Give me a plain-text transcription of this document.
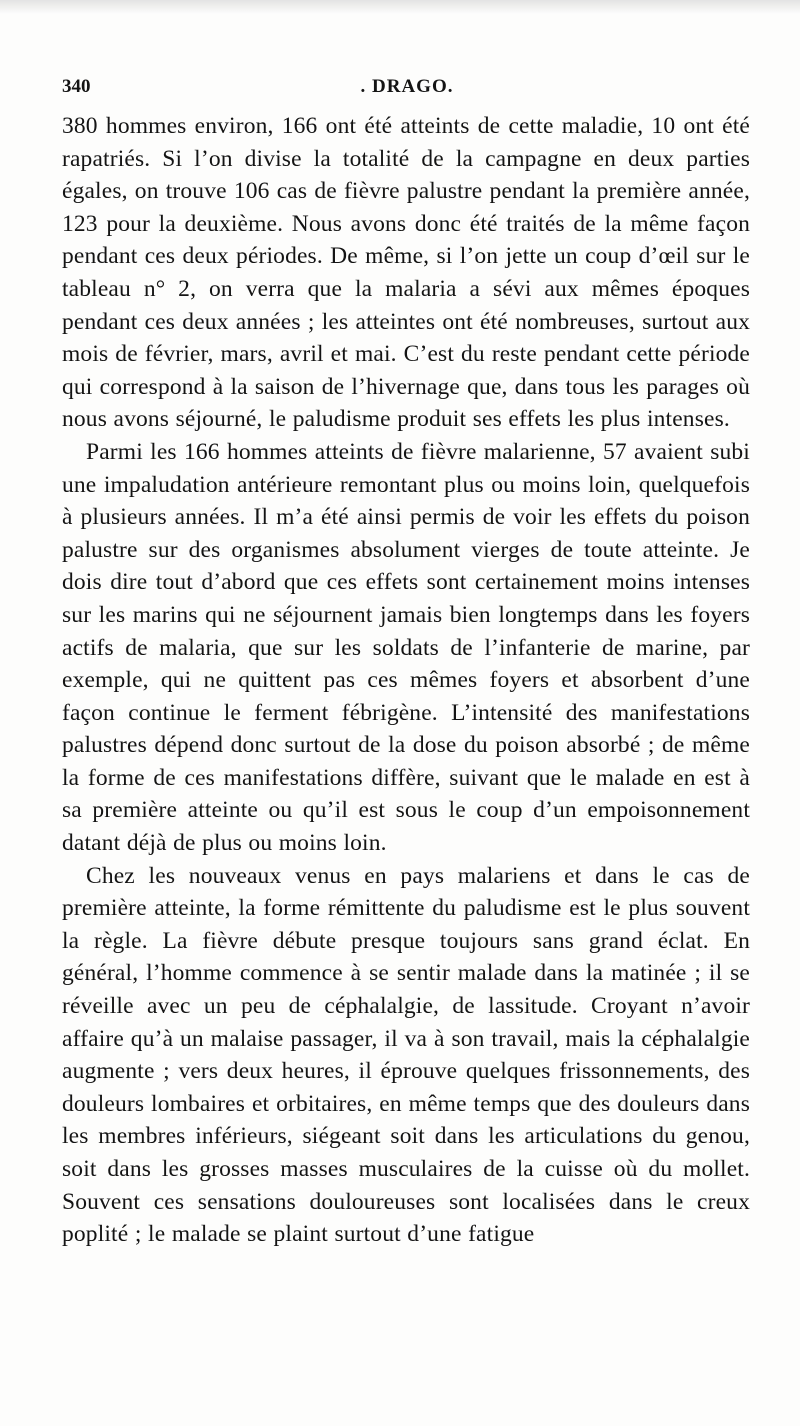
340	. DRAGO.

380 hommes environ, 166 ont été atteints de cette maladie, 10 ont été rapatriés. Si l’on divise la totalité de la campagne en deux parties égales, on trouve 106 cas de fièvre palustre pendant la première année, 123 pour la deuxième. Nous avons donc été traités de la même façon pendant ces deux périodes. De même, si l’on jette un coup d’œil sur le tableau n° 2, on verra que la malaria a sévi aux mêmes époques pendant ces deux années ; les atteintes ont été nombreuses, surtout aux mois de février, mars, avril et mai. C’est du reste pendant cette période qui correspond à la saison de l’hivernage que, dans tous les parages où nous avons séjourné, le paludisme produit ses effets les plus intenses.

Parmi les 166 hommes atteints de fièvre malarienne, 57 avaient subi une impaludation antérieure remontant plus ou moins loin, quelquefois à plusieurs années. Il m’a été ainsi permis de voir les effets du poison palustre sur des organismes absolument vierges de toute atteinte. Je dois dire tout d’abord que ces effets sont certainement moins intenses sur les marins qui ne séjournent jamais bien longtemps dans les foyers actifs de malaria, que sur les soldats de l’infanterie de marine, par exemple, qui ne quittent pas ces mêmes foyers et absorbent d’une façon continue le ferment fébrigène. L’intensité des manifestations palustres dépend donc surtout de la dose du poison absorbé ; de même la forme de ces manifestations diffère, suivant que le malade en est à sa première atteinte ou qu’il est sous le coup d’un empoisonnement datant déjà de plus ou moins loin.

Chez les nouveaux venus en pays malariens et dans le cas de première atteinte, la forme rémittente du paludisme est le plus souvent la règle. La fièvre débute presque toujours sans grand éclat. En général, l’homme commence à se sentir malade dans la matinée ; il se réveille avec un peu de céphalalgie, de lassitude. Croyant n’avoir affaire qu’à un malaise passager, il va à son travail, mais la céphalalgie augmente ; vers deux heures, il éprouve quelques frissonnements, des douleurs lombaires et orbitaires, en même temps que des douleurs dans les membres inférieurs, siégeant soit dans les articulations du genou, soit dans les grosses masses musculaires de la cuisse où du mollet. Souvent ces sensations douloureuses sont localisées dans le creux poplité ; le malade se plaint surtout d’une fatigue
